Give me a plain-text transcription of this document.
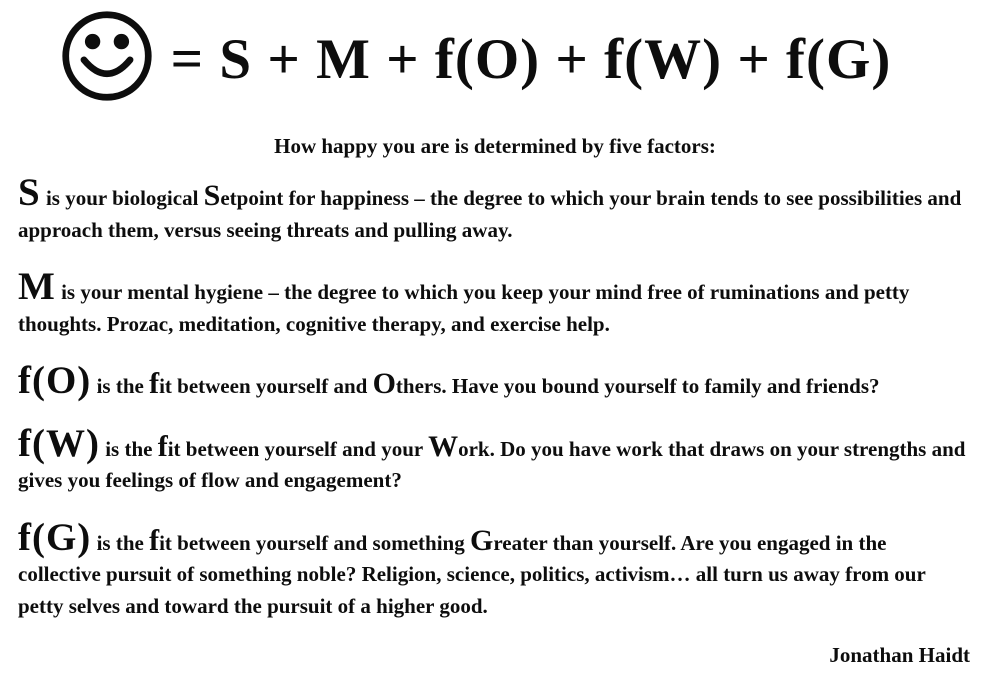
= S + M + f(O) + f(W) + f(G)

How happy you are is determined by five factors:

S is your biological Setpoint for happiness – the degree to which your brain tends to see possibilities and approach them, versus seeing threats and pulling away.

M is your mental hygiene – the degree to which you keep your mind free of ruminations and petty thoughts. Prozac, meditation, cognitive therapy, and exercise help.

f(O) is the fit between yourself and Others. Have you bound yourself to family and friends?

f(W) is the fit between yourself and your Work. Do you have work that draws on your strengths and gives you feelings of flow and engagement?

f(G) is the fit between yourself and something Greater than yourself. Are you engaged in the collective pursuit of something noble? Religion, science, politics, activism… all turn us away from our petty selves and toward the pursuit of a higher good.

Jonathan Haidt
